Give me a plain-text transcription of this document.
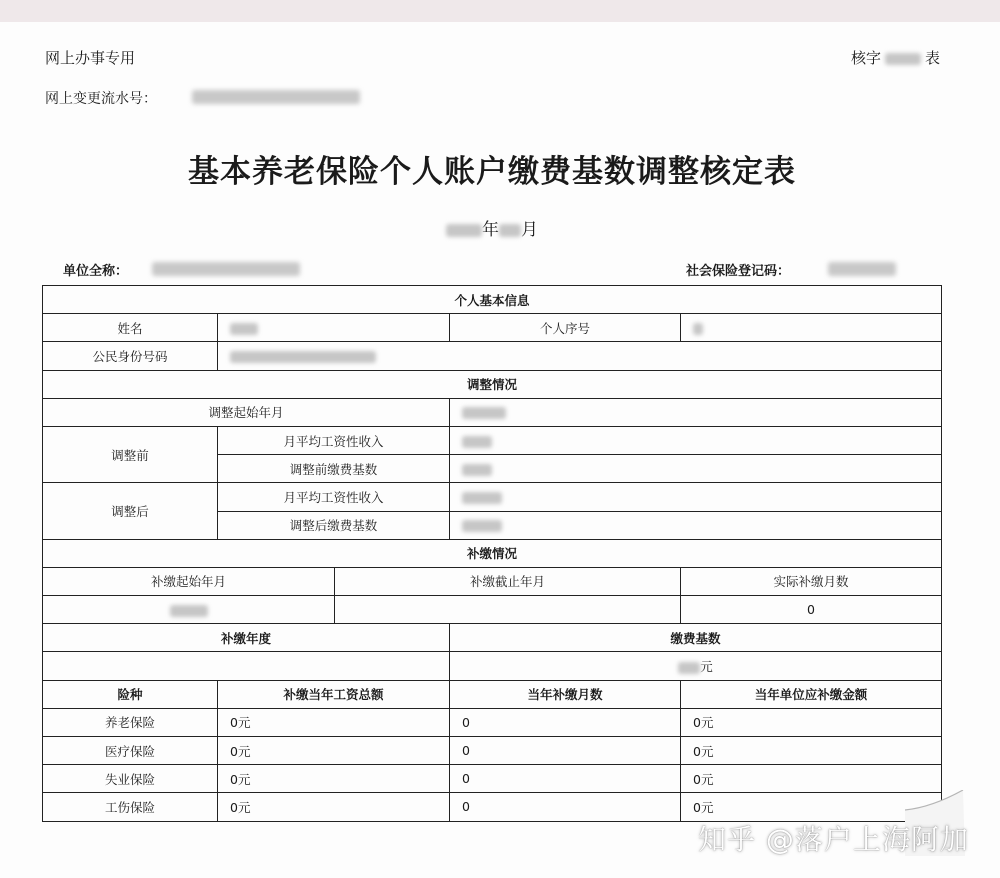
网上办事专用	核字	表
网上变更流水号：
基本养老保险个人账户缴费基数调整核定表
年 月
单位全称：	社会保险登记码：
个人基本信息				
姓名			个人序号	
公民身份号码				
调整情况				
调整起始年月				
调整前	月平均工资性收入			
	调整前缴费基数			
调整后	月平均工资性收入			
	调整后缴费基数			
补缴情况				
补缴起始年月		补缴截止年月		实际补缴月数
				0
补缴年度			缴费基数	
			元	
险种	补缴当年工资总额		当年补缴月数	当年单位应补缴金额
养老保险	0元		0	0元
医疗保险	0元		0	0元
失业保险	0元		0	0元
工伤保险	0元		0	0元
知乎 @落户上海阿加
